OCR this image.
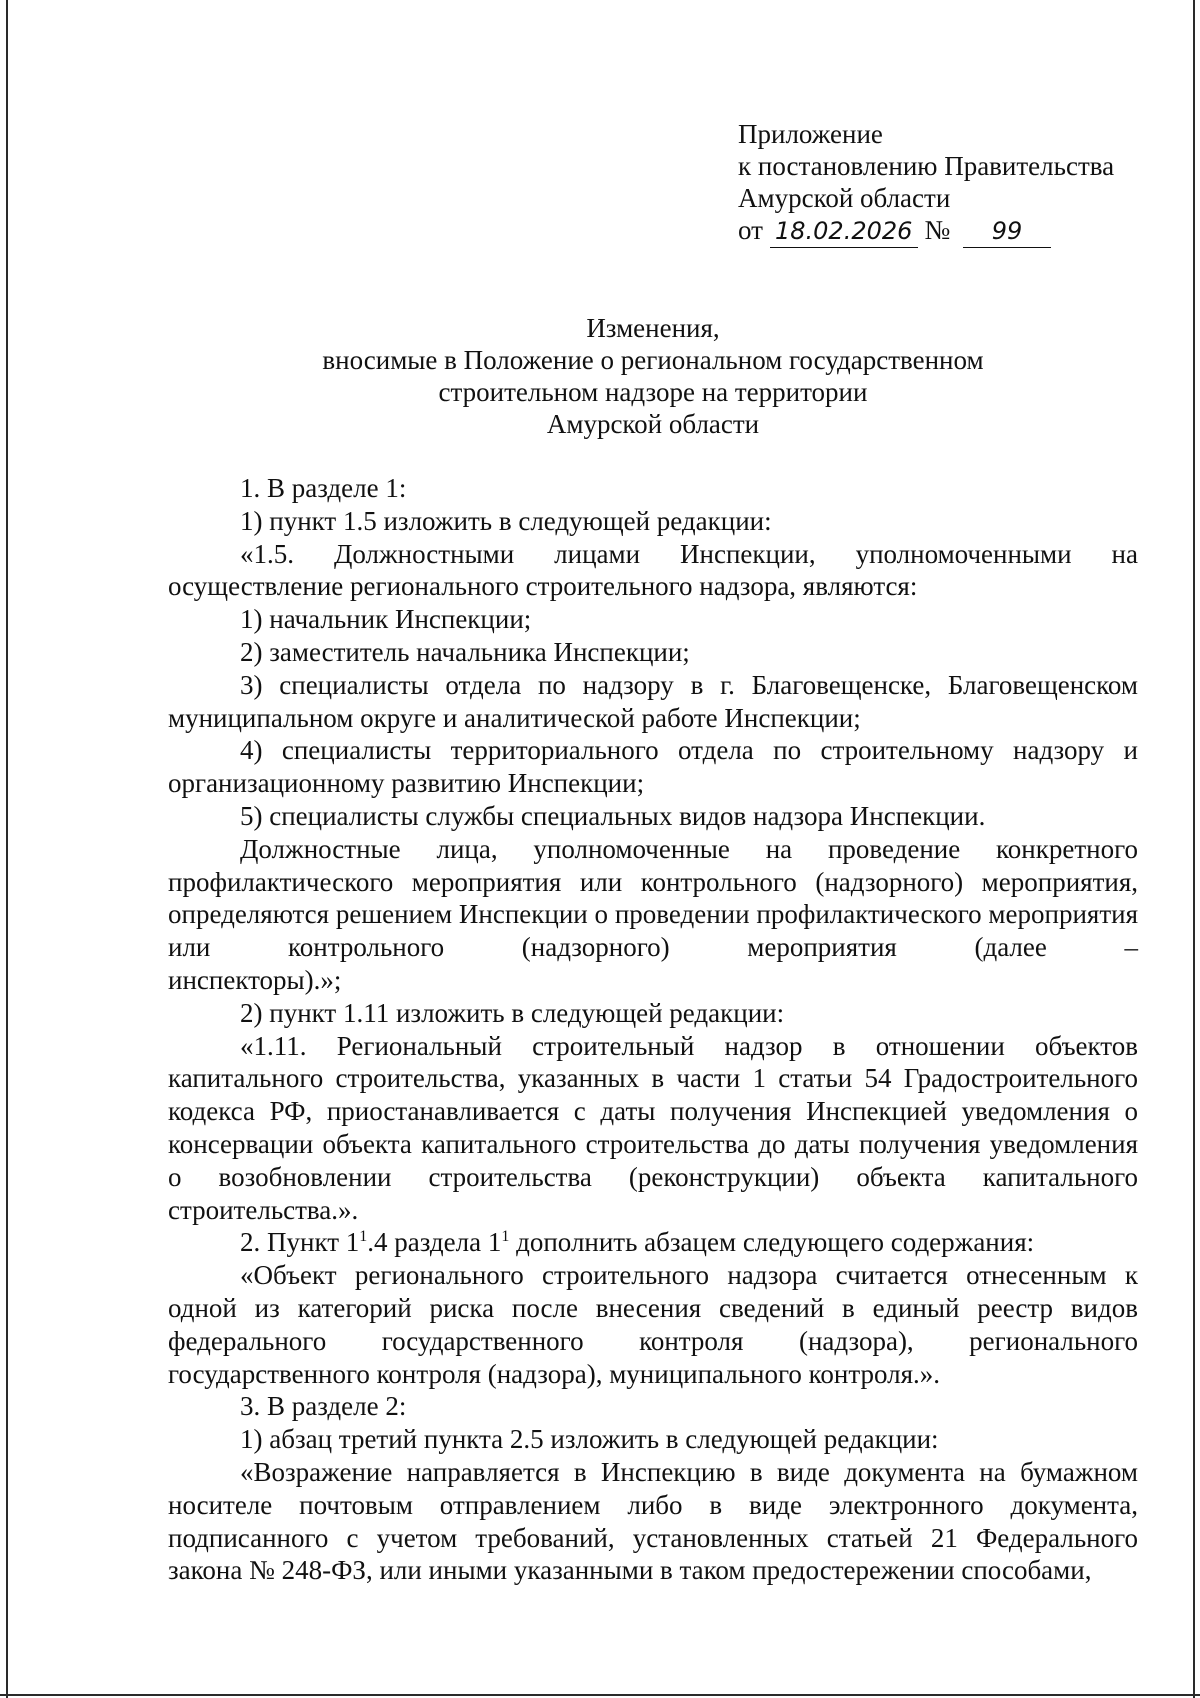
Приложение
к постановлению Правительства
Амурской области
от 18.02.2026 № 99
Изменения,
вносимые в Положение о региональном государственном
строительном надзоре на территории
Амурской области

1. В разделе 1:

1) пункт 1.5 изложить в следующей редакции:

«1.5. Должностными лицами Инспекции, уполномоченными на осуществление регионального строительного надзора, являются:

1) начальник Инспекции;

2) заместитель начальника Инспекции;

3) специалисты отдела по надзору в г. Благовещенске, Благовещенском муниципальном округе и аналитической работе Инспекции;

4) специалисты территориального отдела по строительному надзору и организационному развитию Инспекции;

5) специалисты службы специальных видов надзора Инспекции.

Должностные лица, уполномоченные на проведение конкретного профилактического мероприятия или контрольного (надзорного) мероприятия, определяются решением Инспекции о проведении профилактического мероприятия или контрольного (надзорного) мероприятия (далее –

инспекторы).»;

2) пункт 1.11 изложить в следующей редакции:

«1.11. Региональный строительный надзор в отношении объектов капитального строительства, указанных в части 1 статьи 54 Градостроительного кодекса РФ, приостанавливается с даты получения Инспекцией уведомления о консервации объекта капитального строительства до даты получения уведомления о возобновлении строительства (реконструкции) объекта капитального строительства.».

2. Пункт $1^1.4$ раздела $1^1$ дополнить абзацем следующего содержания:

«Объект регионального строительного надзора считается отнесенным к одной из категорий риска после внесения сведений в единый реестр видов федерального государственного контроля (надзора), регионального государственного контроля (надзора), муниципального контроля.».

3. В разделе 2:

1) абзац третий пункта 2.5 изложить в следующей редакции:

«Возражение направляется в Инспекцию в виде документа на бумажном носителе почтовым отправлением либо в виде электронного документа, подписанного с учетом требований, установленных статьей 21 Федерального закона № 248-ФЗ, или иными указанными в таком предостережении способами,
